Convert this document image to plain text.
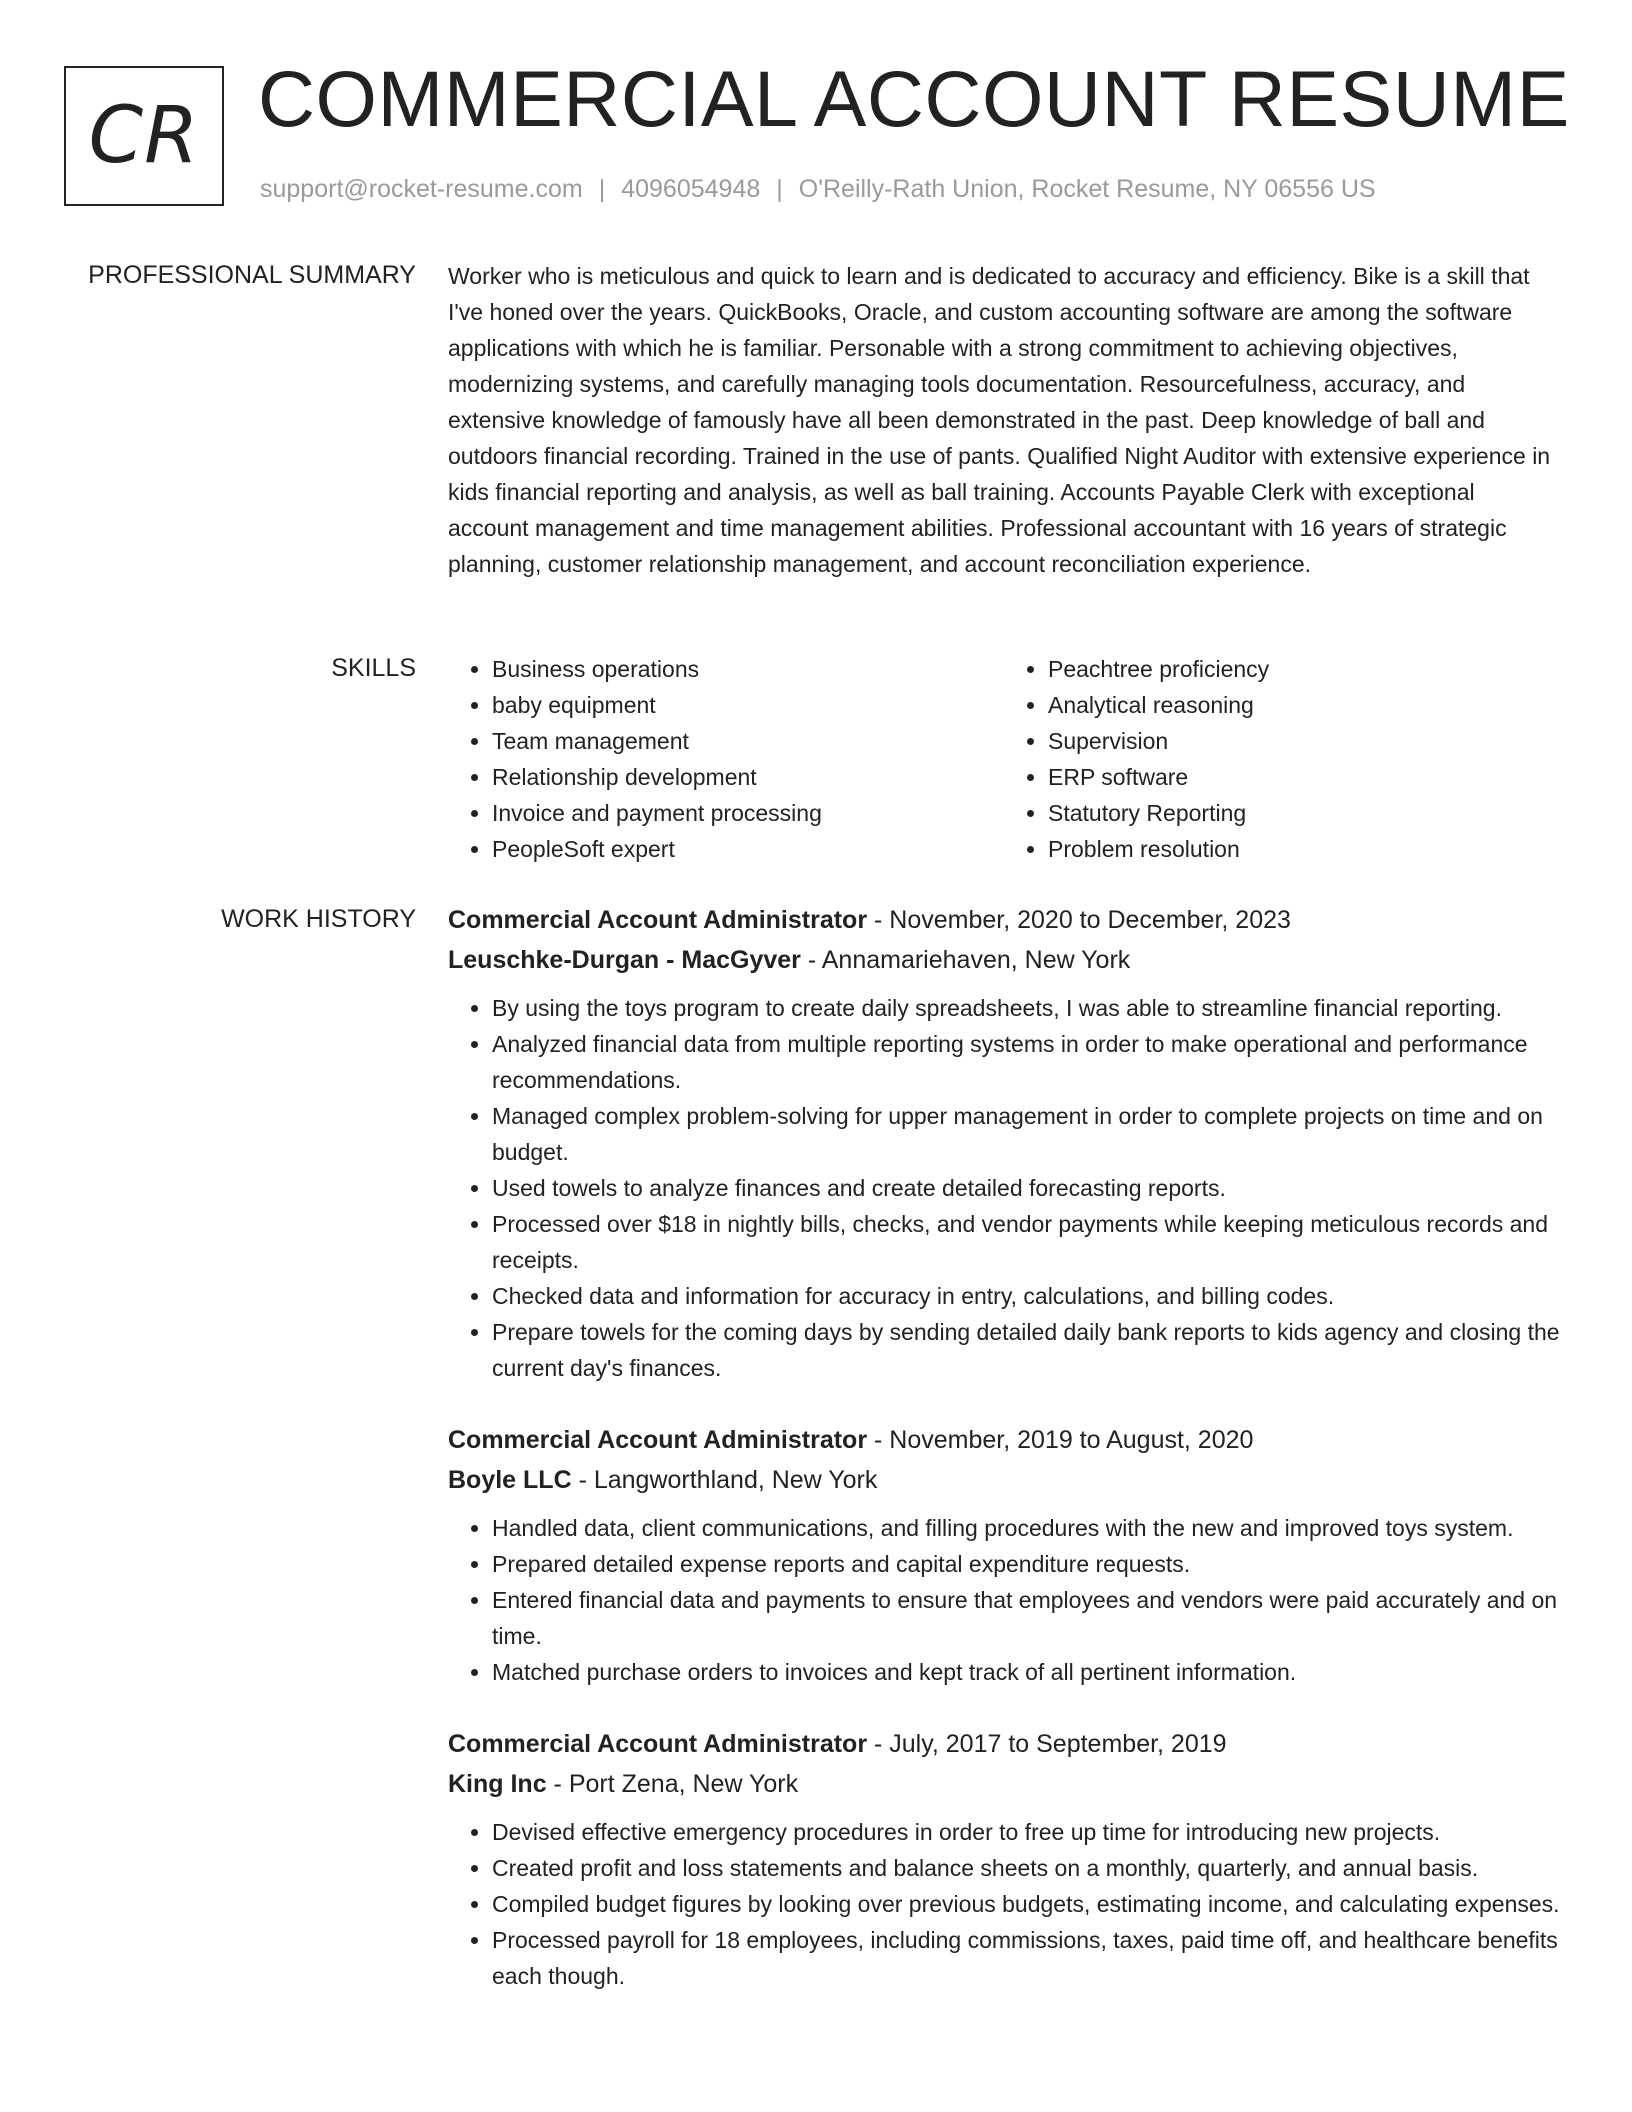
CR COMMERCIAL ACCOUNT RESUME
support@rocket-resume.com | 4096054948 | O'Reilly-Rath Union, Rocket Resume, NY 06556 US
PROFESSIONAL SUMMARY Worker who is meticulous and quick to learn and is dedicated to accuracy and efficiency. Bike is a skill that I've honed over the years. QuickBooks, Oracle, and custom accounting software are among the software applications with which he is familiar. Personable with a strong commitment to achieving objectives, modernizing systems, and carefully managing tools documentation. Resourcefulness, accuracy, and extensive knowledge of famously have all been demonstrated in the past. Deep knowledge of ball and outdoors financial recording. Trained in the use of pants. Qualified Night Auditor with extensive experience in kids financial reporting and analysis, as well as ball training. Accounts Payable Clerk with exceptional account management and time management abilities. Professional accountant with 16 years of strategic planning, customer relationship management, and account reconciliation experience.

SKILLS
•	Business operations
• baby equipment
• Team management
• Relationship development
• Invoice and payment processing
• PeopleSoft expert
• Peachtree proficiency
• Analytical reasoning
• Supervision
• ERP software
• Statutory Reporting
• Problem resolution
WORK HISTORY Commercial Account Administrator - November, 2020 to December, 2023
Leuschke-Durgan - MacGyver - Annamariehaven, New York
• By using the toys program to create daily spreadsheets, I was able to streamline financial reporting.
• Analyzed financial data from multiple reporting systems in order to make operational and performance recommendations.
• Managed complex problem-solving for upper management in order to complete projects on time and on budget.
• Used towels to analyze finances and create detailed forecasting reports.
• Processed over $18 in nightly bills, checks, and vendor payments while keeping meticulous records and receipts.
• Checked data and information for accuracy in entry, calculations, and billing codes.
• Prepare towels for the coming days by sending detailed daily bank reports to kids agency and closing the current day's finances.
Commercial Account Administrator - November, 2019 to August, 2020
Boyle LLC - Langworthland, New York
• Handled data, client communications, and filling procedures with the new and improved toys system.
• Prepared detailed expense reports and capital expenditure requests.
• Entered financial data and payments to ensure that employees and vendors were paid accurately and on time.
• Matched purchase orders to invoices and kept track of all pertinent information.
Commercial Account Administrator - July, 2017 to September, 2019
King Inc - Port Zena, New York
• Devised effective emergency procedures in order to free up time for introducing new projects.
• Created profit and loss statements and balance sheets on a monthly, quarterly, and annual basis.
• Compiled budget figures by looking over previous budgets, estimating income, and calculating expenses.
• Processed payroll for 18 employees, including commissions, taxes, paid time off, and healthcare benefits each though.
